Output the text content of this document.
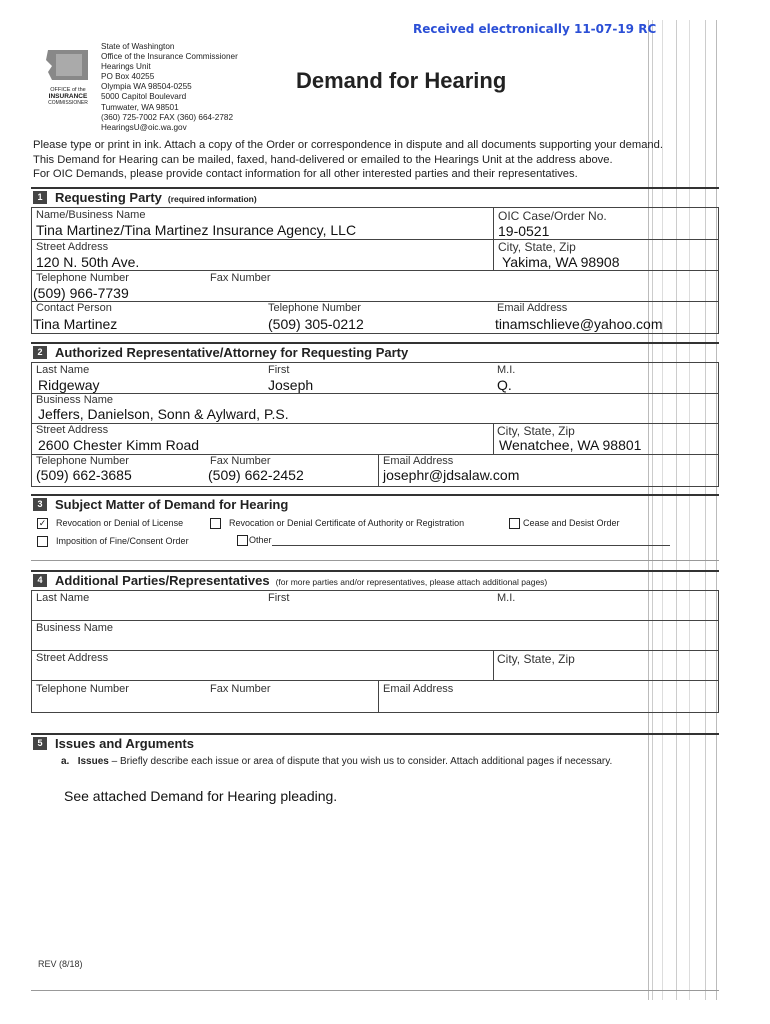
Received electronically 11-07-19 RC
OFFICE of the
INSURANCE
COMMISSIONER
State of Washington
Office of the Insurance Commissioner
Hearings Unit
PO Box 40255
Olympia WA 98504-0255
5000 Capitol Boulevard
Tumwater, WA 98501
(360) 725-7002 FAX (360) 664-2782
HearingsU@oic.wa.gov
Demand for Hearing
Please type or print in ink. Attach a copy of the Order or correspondence in dispute and all documents supporting your demand.
This Demand for Hearing can be mailed, faxed, hand-delivered or emailed to the Hearings Unit at the address above.
For OIC Demands, please provide contact information for all other interested parties and their representatives.
1 Requesting Party (required information)
Name/Business Name
Tina Martinez/Tina Martinez Insurance Agency, LLC
OIC Case/Order No.
19-0521
Street Address
120 N. 50th Ave.
City, State, Zip
Yakima, WA 98908
Telephone Number
(509) 966-7739
Fax Number
Contact Person
Tina Martinez
Telephone Number
(509) 305-0212
Email Address
tinamschlieve@yahoo.com
2 Authorized Representative/Attorney for Requesting Party
Last Name
Ridgeway
First
Joseph
M.I.
Q.
Business Name
Jeffers, Danielson, Sonn & Aylward, P.S.
Street Address
2600 Chester Kimm Road
City, State, Zip
Wenatchee, WA 98801
Telephone Number
(509) 662-3685
Fax Number
(509) 662-2452
Email Address
josephr@jdsalaw.com
3 Subject Matter of Demand for Hearing
✓ Revocation or Denial of License	Revocation or Denial Certificate of Authority or Registration	Cease and Desist Order
Imposition of Fine/Consent Order	Other
4 Additional Parties/Representatives (for more parties and/or representatives, please attach additional pages)
Last Name	First	M.I.
Business Name
Street Address	City, State, Zip
Telephone Number	Fax Number	Email Address
5 Issues and Arguments
a. Issues – Briefly describe each issue or area of dispute that you wish us to consider. Attach additional pages if necessary.
See attached Demand for Hearing pleading.
REV (8/18)
